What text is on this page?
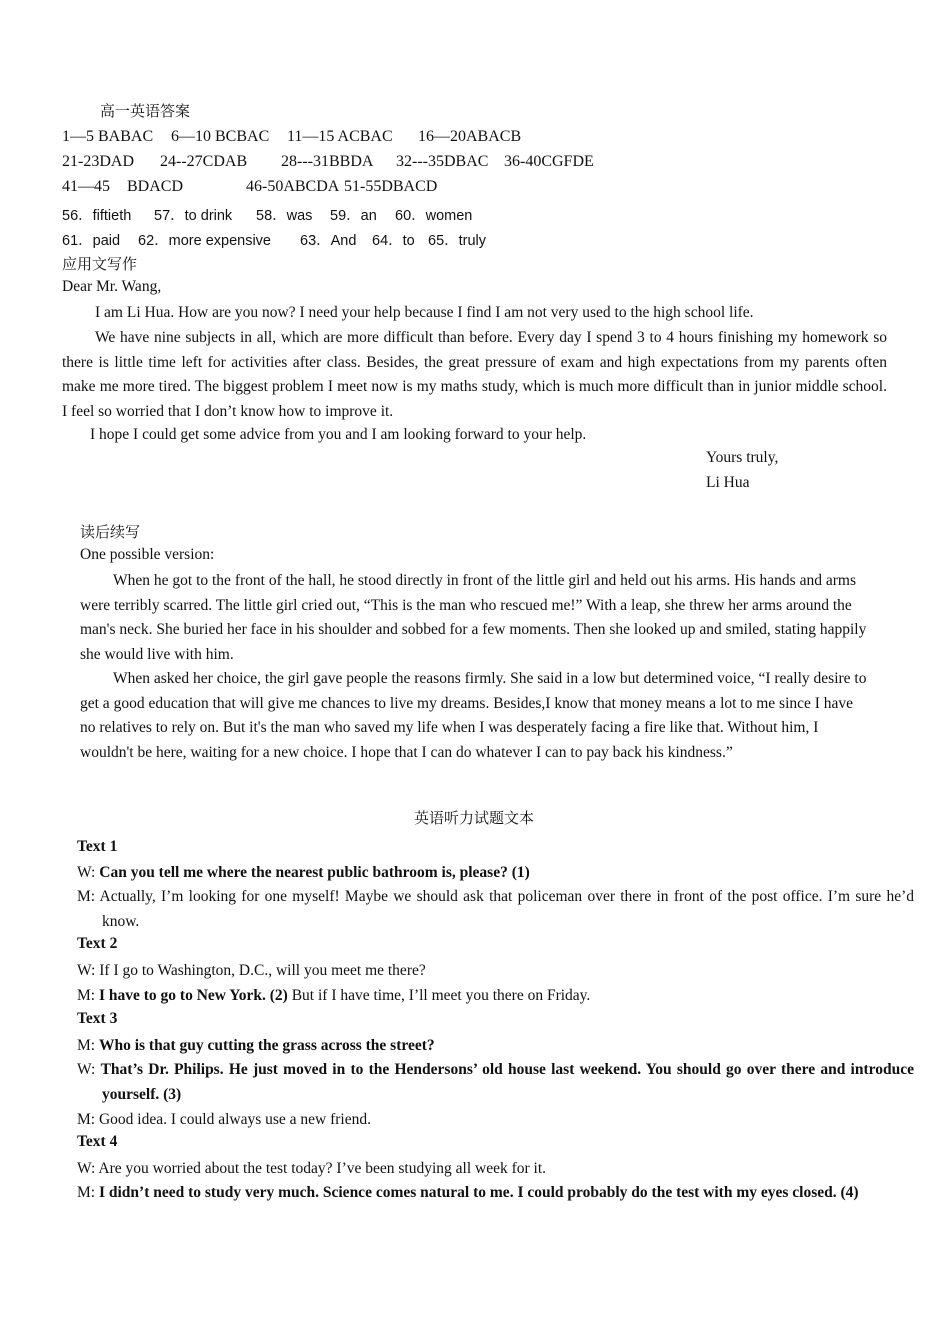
高一英语答案
1—5 BABAC 6—10 BCBAC 11—15 ACBAC 16—20ABACB
21-23DAD 24--27CDAB 28---31BBDA 32---35DBAC 36-40CGFDE
41—45 BDACD	46-50ABCDA 51-55DBACD
56．fiftieth 57．to drink 58．was 59．an 60．women
61．paid 62．more expensive 63．And 64．to 65．truly
应用文写作
Dear Mr. Wang,

I am Li Hua. How are you now? I need your help because I find I am not very used to the high school life.

We have nine subjects in all, which are more difficult than before. Every day I spend 3 to 4 hours finishing my homework so there is little time left for activities after class. Besides, the great pressure of exam and high expectations from my parents often make me more tired. The biggest problem I meet now is my maths study, which is much more difficult than in junior middle school. I feel so worried that I don’t know how to improve it.

I hope I could get some advice from you and I am looking forward to your help.

Yours truly,
Li Hua
读后续写
One possible version:

When he got to the front of the hall, he stood directly in front of the little girl and held out his arms. His hands and arms were terribly scarred. The little girl cried out, “This is the man who rescued me!” With a leap, she threw her arms around the man's neck. She buried her face in his shoulder and sobbed for a few moments. Then she looked up and smiled, stating happily she would live with him.

When asked her choice, the girl gave people the reasons firmly. She said in a low but determined voice, “I really desire to get a good education that will give me chances to live my dreams. Besides,I know that money means a lot to me since I have no relatives to rely on. But it's the man who saved my life when I was desperately facing a fire like that. Without him, I wouldn't be here, waiting for a new choice. I hope that I can do whatever I can to pay back his kindness.”

英语听力试题文本
Text 1

W: Can you tell me where the nearest public bathroom is, please? (1)

M: Actually, I’m looking for one myself! Maybe we should ask that policeman over there in front of the post office. I’m sure he’d know.

Text 2

W: If I go to Washington, D.C., will you meet me there?

M: I have to go to New York. (2) But if I have time, I’ll meet you there on Friday.

Text 3

M: Who is that guy cutting the grass across the street?

W: That’s Dr. Philips. He just moved in to the Hendersons’ old house last weekend. You should go over there and introduce yourself. (3)

M: Good idea. I could always use a new friend.

Text 4

W: Are you worried about the test today? I’ve been studying all week for it.

M: I didn’t need to study very much. Science comes natural to me. I could probably do the test with my eyes closed. (4)
